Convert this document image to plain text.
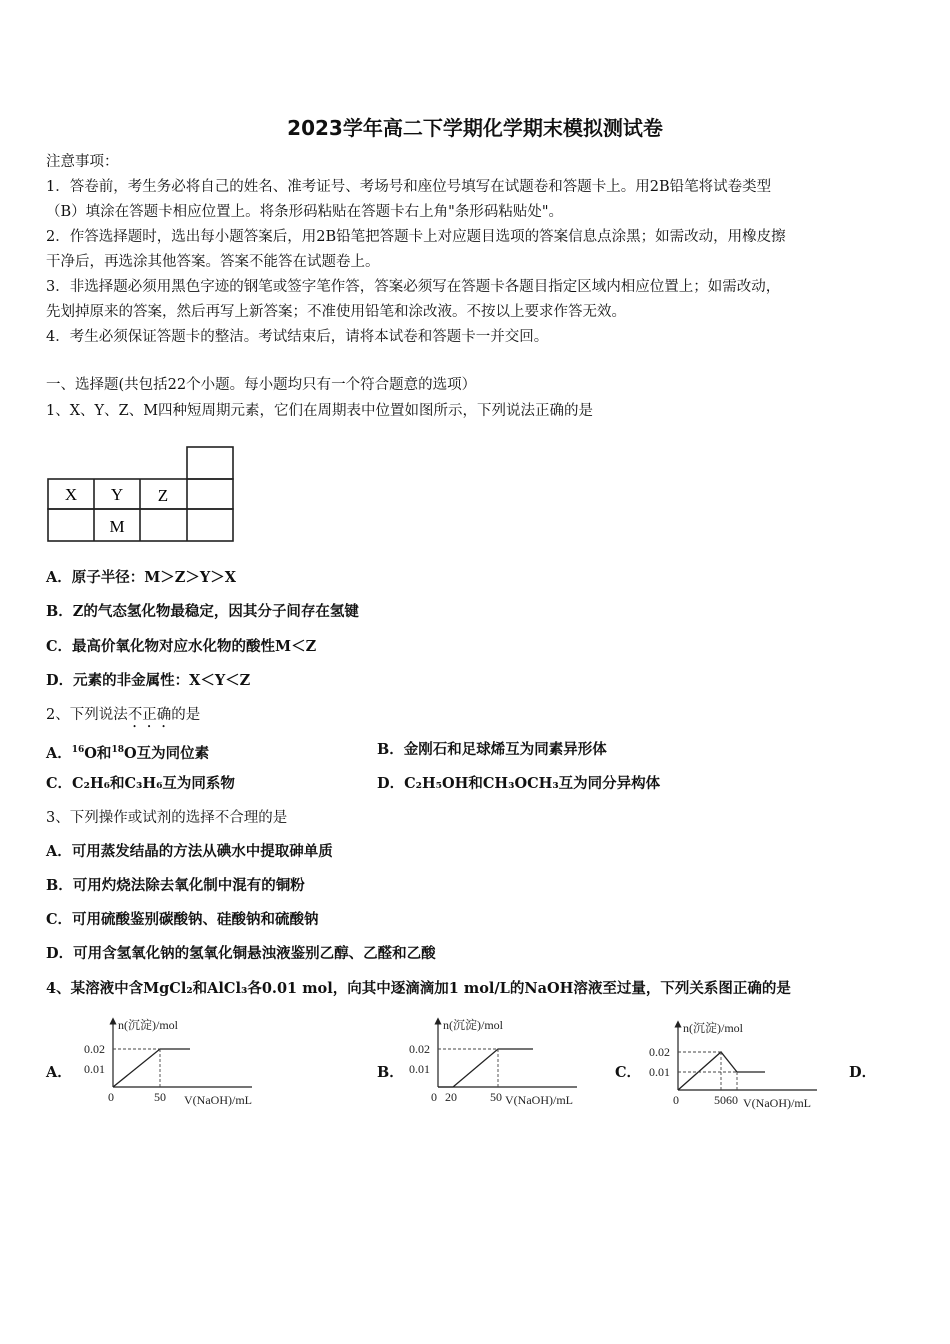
2023学年高二下学期化学期末模拟测试卷
注意事项：
1．答卷前，考生务必将自己的姓名、准考证号、考场号和座位号填写在试题卷和答题卡上。用2B铅笔将试卷类型
（B）填涂在答题卡相应位置上。将条形码粘贴在答题卡右上角"条形码粘贴处"。
2．作答选择题时，选出每小题答案后，用2B铅笔把答题卡上对应题目选项的答案信息点涂黑；如需改动，用橡皮擦
干净后，再选涂其他答案。答案不能答在试题卷上。
3．非选择题必须用黑色字迹的钢笔或签字笔作答，答案必须写在答题卡各题目指定区域内相应位置上；如需改动，
先划掉原来的答案，然后再写上新答案；不准使用铅笔和涂改液。不按以上要求作答无效。
4．考生必须保证答题卡的整洁。考试结束后，请将本试卷和答题卡一并交回。
一、选择题(共包括22个小题。每小题均只有一个符合题意的选项）
1、X、Y、Z、M四种短周期元素，它们在周期表中位置如图所示，下列说法正确的是
X Y Z
M
A．原子半径：M＞Z＞Y＞X
B．Z的气态氢化物最稳定，因其分子间存在氢键
C．最高价氧化物对应水化物的酸性M＜Z
D．元素的非金属性：X＜Y＜Z
2、下列说法不正确的是
A．$^{16}$O和$^{18}$O互为同位素	B．金刚石和足球烯互为同素异形体
C．C₂H₆和C₃H₆互为同系物	D．C₂H₅OH和CH₃OCH₃互为同分异构体
3、下列操作或试剂的选择不合理的是
A．可用蒸发结晶的方法从碘水中提取砷单质
B．可用灼烧法除去氧化制中混有的铜粉
C．可用硫酸鉴别碳酸钠、硅酸钠和硫酸钠
D．可用含氢氧化钠的氢氧化铜悬浊液鉴别乙醇、乙醛和乙酸
4、某溶液中含MgCl₂和AlCl₃各0.01 mol，向其中逐滴滴加1 mol/L的NaOH溶液至过量，下列关系图正确的是
A．	B．	C．	D．
n(沉淀)/mol
0.02
0.01
0	50 V(NaOH)/mL
n(沉淀)/mol
0.02
0.01
0 20	50 V(NaOH)/mL
n(沉淀)/mol
0.02
0.01
0	5060 V(NaOH)/mL
